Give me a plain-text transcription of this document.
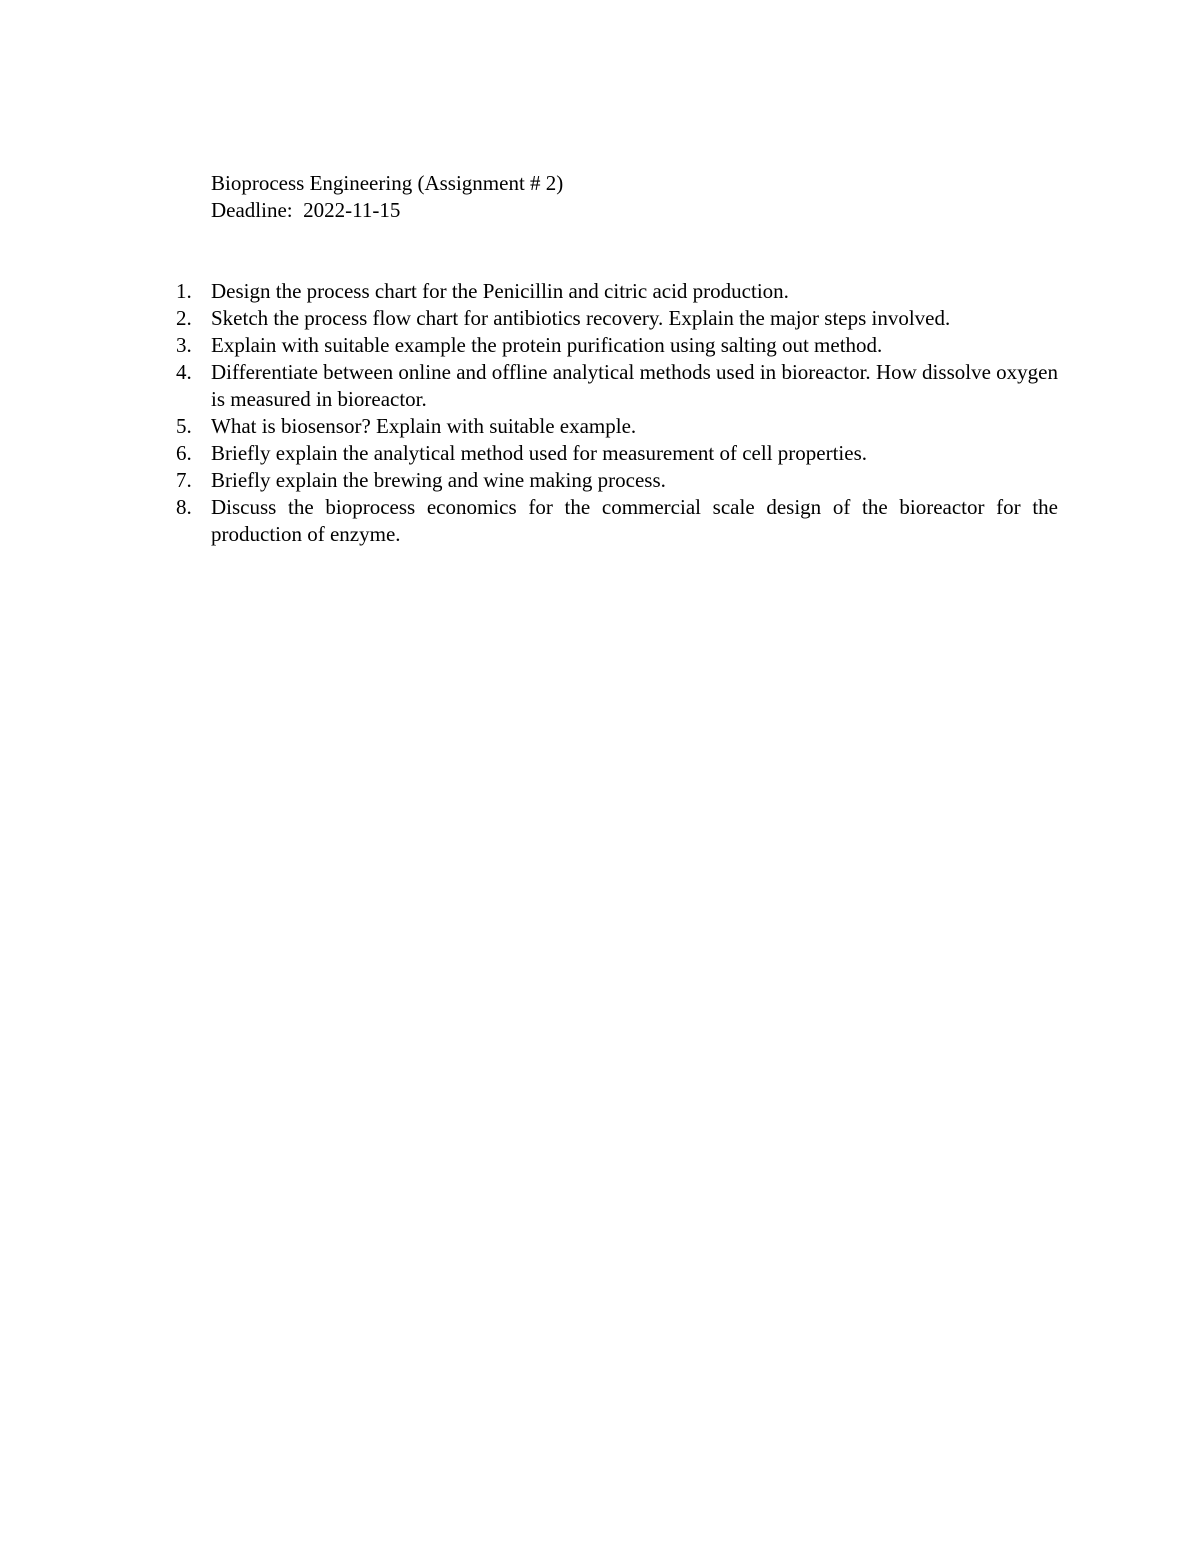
Bioprocess Engineering (Assignment # 2)
Deadline:  2022-11-15
1. Design the process chart for the Penicillin and citric acid production.
2. Sketch the process flow chart for antibiotics recovery. Explain the major steps involved.
3. Explain with suitable example the protein purification using salting out method.
4. Differentiate between online and offline analytical methods used in bioreactor. How dissolve oxygen is measured in bioreactor.
5. What is biosensor? Explain with suitable example.
6. Briefly explain the analytical method used for measurement of cell properties.
7. Briefly explain the brewing and wine making process.
8. Discuss the bioprocess economics for the commercial scale design of the bioreactor for the production of enzyme.
